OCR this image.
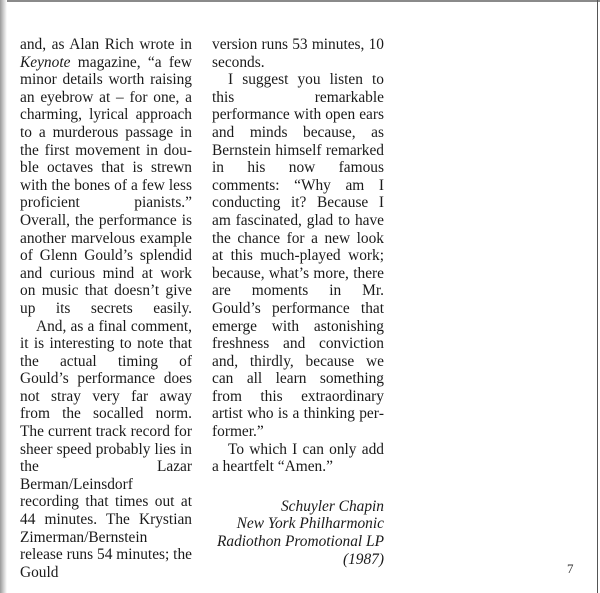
and, as Alan Rich wrote in Keynote magazine, “a few minor details worth raising an eyebrow at – for one, a charming, lyrical approach to a murderous passage in the first movement in double octaves that is strewn with the bones of a few less proficient pianists.” Overall, the performance is another marvelous example of Glenn Gould’s splendid and curious mind at work on music that doesn’t give up its secrets easily.

And, as a final comment, it is interesting to note that the actual timing of Gould’s performance does not stray very far away from the socalled norm. The current track record for sheer speed probably lies in the Lazar Berman/Leinsdorf recording that times out at 44 minutes. The Krystian Zimerman/Bernstein release runs 54 minutes; the Gould

version runs 53 minutes, 10 seconds.

I suggest you listen to this remarkable performance with open ears and minds because, as Bernstein himself remarked in his now famous comments: “Why am I conducting it? Because I am fascinated, glad to have the chance for a new look at this much-played work; because, what’s more, there are moments in Mr. Gould’s performance that emerge with astonishing freshness and conviction and, thirdly, because we can all learn something from this extraordinary artist who is a thinking performer.”

To which I can only add a heartfelt “Amen.”

Schuyler Chapin
New York Philharmonic
Radiothon Promotional LP
(1987)
7
